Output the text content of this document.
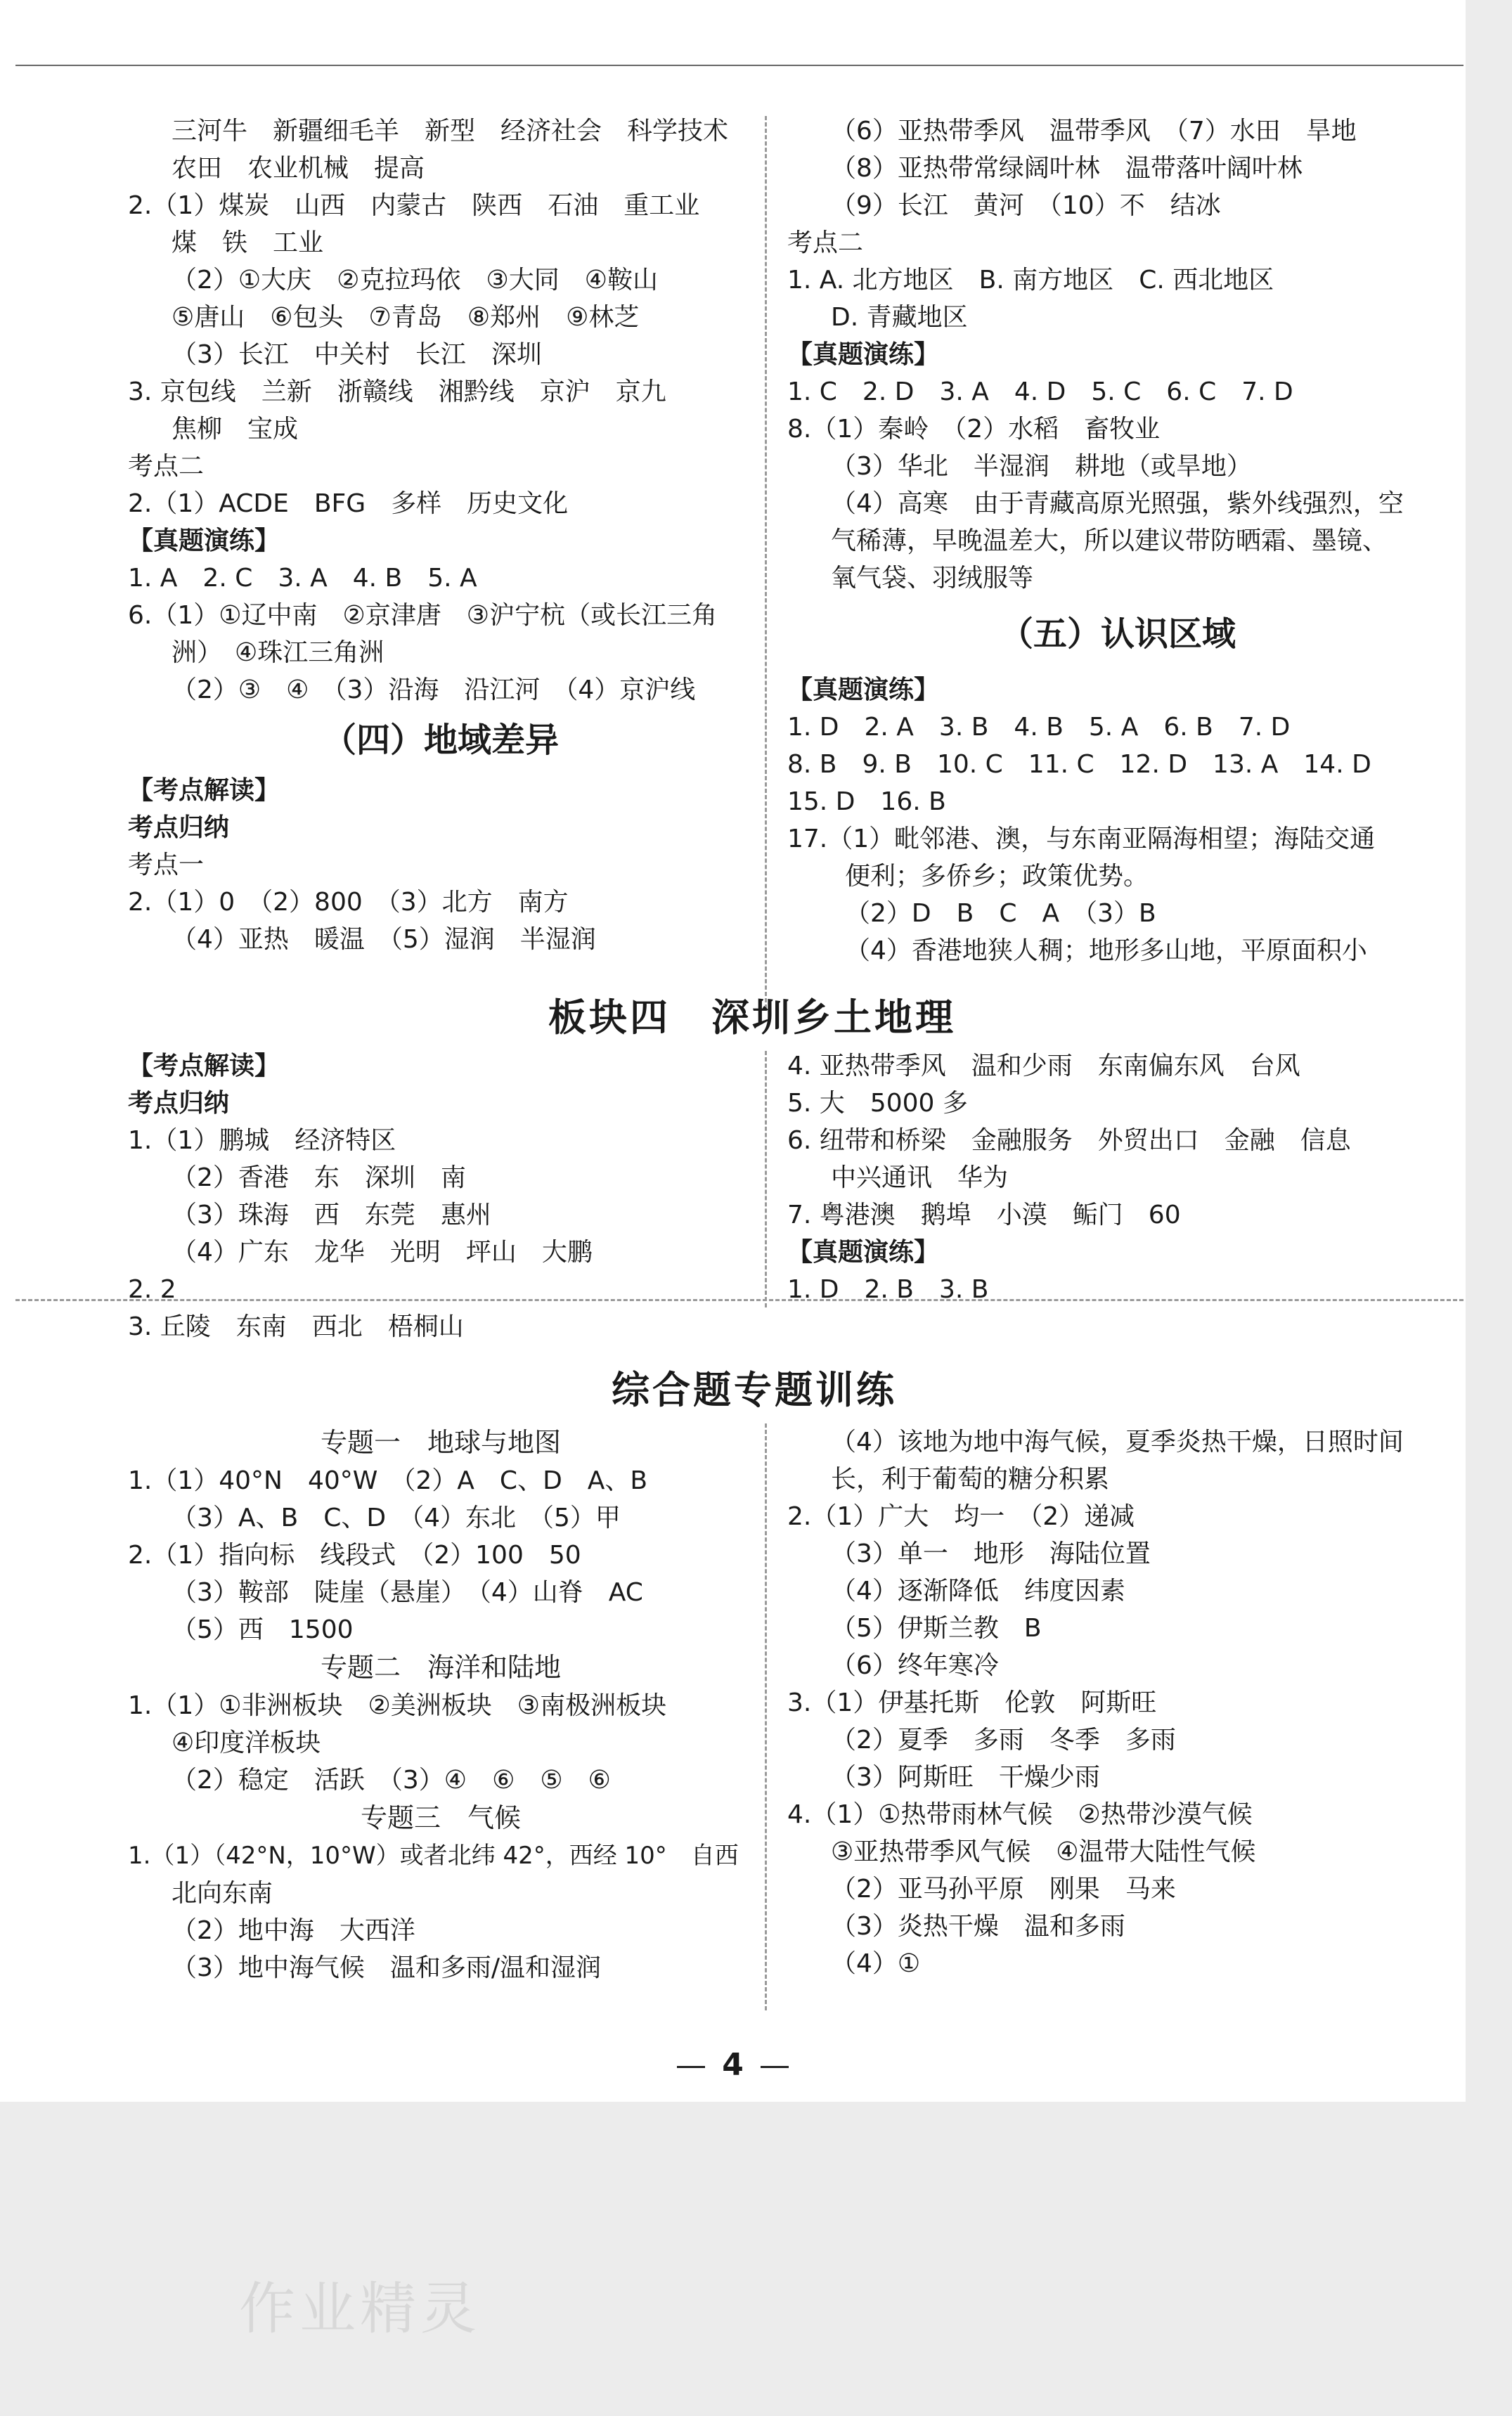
三河牛　新疆细毛羊　新型　经济社会　科学技术
农田　农业机械　提高
2.（1）煤炭　山西　内蒙古　陕西　石油　重工业
煤　铁　工业
（2）①大庆　②克拉玛依　③大同　④鞍山
⑤唐山　⑥包头　⑦青岛　⑧郑州　⑨林芝
（3）长江　中关村　长江　深圳
3. 京包线　兰新　浙赣线　湘黔线　京沪　京九
焦柳　宝成
考点二
2.（1）ACDE　BFG　多样　历史文化
【真题演练】
1. A　2. C　3. A　4. B　5. A
6.（1）①辽中南　②京津唐　③沪宁杭（或长江三角
洲）　④珠江三角洲
（2）③　④　（3）沿海　沿江河　（4）京沪线
（四）地域差异
【考点解读】
考点归纳
考点一
2.（1）0　（2）800　（3）北方　南方
（4）亚热　暖温　（5）湿润　半湿润
（6）亚热带季风　温带季风　（7）水田　旱地
（8）亚热带常绿阔叶林　温带落叶阔叶林
（9）长江　黄河　（10）不　结冰
考点二
1. A. 北方地区　B. 南方地区　C. 西北地区
D. 青藏地区
【真题演练】
1. C　2. D　3. A　4. D　5. C　6. C　7. D
8.（1）秦岭　（2）水稻　畜牧业
（3）华北　半湿润　耕地（或旱地）
（4）高寒　由于青藏高原光照强，紫外线强烈，空
气稀薄，早晚温差大，所以建议带防晒霜、墨镜、
氧气袋、羽绒服等
（五）认识区域
【真题演练】
1. D　2. A　3. B　4. B　5. A　6. B　7. D
8. B　9. B　10. C　11. C　12. D　13. A　14. D
15. D　16. B
17.（1）毗邻港、澳，与东南亚隔海相望；海陆交通
便利；多侨乡；政策优势。
（2）D　B　C　A　（3）B
（4）香港地狭人稠；地形多山地，平原面积小
板块四　深圳乡土地理
【考点解读】
考点归纳
1.（1）鹏城　经济特区
（2）香港　东　深圳　南
（3）珠海　西　东莞　惠州
（4）广东　龙华　光明　坪山　大鹏
2. 2
3. 丘陵　东南　西北　梧桐山
4. 亚热带季风　温和少雨　东南偏东风　台风
5. 大　5000 多
6. 纽带和桥梁　金融服务　外贸出口　金融　信息
中兴通讯　华为
7. 粤港澳　鹅埠　小漠　鲘门　60
【真题演练】
1. D　2. B　3. B
综合题专题训练
专题一　地球与地图
1.（1）40°N　40°W　（2）A　C、D　A、B
（3）A、B　C、D　（4）东北　（5）甲
2.（1）指向标　线段式　（2）100　50
（3）鞍部　陡崖（悬崖）　（4）山脊　AC
（5）西　1500
专题二　海洋和陆地
1.（1）①非洲板块　②美洲板块　③南极洲板块
④印度洋板块
（2）稳定　活跃　（3）④　⑥　⑤　⑥
专题三　气候
1.（1）（42°N，10°W）或者北纬 42°，西经 10°　自西
北向东南
（2）地中海　大西洋
（3）地中海气候　温和多雨/温和湿润
（4）该地为地中海气候，夏季炎热干燥，日照时间
长，利于葡萄的糖分积累
2.（1）广大　均一　（2）递减
（3）单一　地形　海陆位置
（4）逐渐降低　纬度因素
（5）伊斯兰教　B
（6）终年寒冷
3.（1）伊基托斯　伦敦　阿斯旺
（2）夏季　多雨　冬季　多雨
（3）阿斯旺　干燥少雨
4.（1）①热带雨林气候　②热带沙漠气候
③亚热带季风气候　④温带大陆性气候
（2）亚马孙平原　刚果　马来
（3）炎热干燥　温和多雨
（4）①
4
作业精灵
